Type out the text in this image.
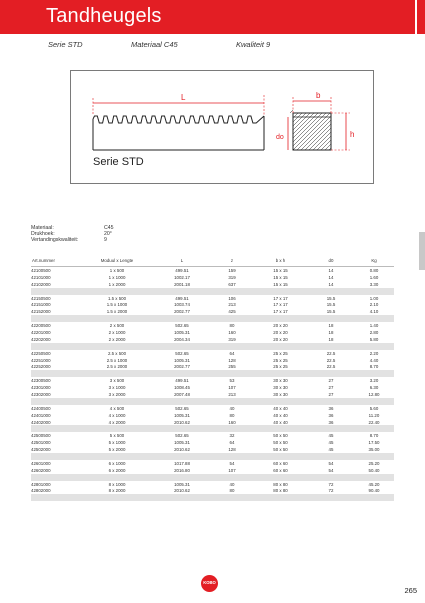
Tandheugels
Serie STD	Materiaal C45	Kwaliteit 9
L	b
h
do
Serie STD
Materiaal:	C45
Drukhoek:	20°
Vertandingskwaliteit:	9
Art.nummer	Moduul x Lengte	L	z	b x h	d0	Kg
42100500	1 x 500	499.51	159	15 x 15	14	0.80
42101000	1 x 1000	1002.17	319	15 x 15	14	1.60
42102000	1 x 2000	2001.18	637	15 x 15	14	3.30

42150500	1.5 x 500	499.51	106	17 x 17	15.5	1.00
42151000	1.5 x 1000	1003.74	213	17 x 17	15.5	2.10
42152000	1.5 x 2000	2002.77	425	17 x 17	15.5	4.10

42200500	2 x 500	502.65	80	20 x 20	18	1.40
42201000	2 x 1000	1005.31	160	20 x 20	18	2.80
42202000	2 x 2000	2004.34	319	20 x 20	18	5.80

42250500	2.5 x 500	502.65	64	25 x 25	22.5	2.20
42251000	2.5 x 1000	1005.31	128	25 x 25	22.5	4.40
42252000	2.5 x 2000	2002.77	255	25 x 25	22.5	8.70

42300500	3 x 500	499.51	53	30 x 30	27	3.20
42301000	3 x 1000	1008.45	107	30 x 30	27	6.30
42302000	3 x 2000	2007.48	213	30 x 30	27	12.80

42400500	4 x 500	502.65	40	40 x 40	36	5.60
42401000	4 x 1000	1005.31	80	40 x 40	36	11.20
42402000	4 x 2000	2010.62	160	40 x 40	36	22.40

42500500	5 x 500	502.65	32	50 x 50	45	8.70
42501000	5 x 1000	1005.31	64	50 x 50	45	17.50
42502000	5 x 2000	2010.62	128	50 x 50	45	35.00

42601000	6 x 1000	1017.88	54	60 x 60	54	25.20
42602000	6 x 2000	2016.80	107	60 x 60	54	50.40

42801000	8 x 1000	1005.31	40	80 x 80	72	45.20
42802000	8 x 2000	2010.62	80	80 x 80	72	90.40

KOBO
265
